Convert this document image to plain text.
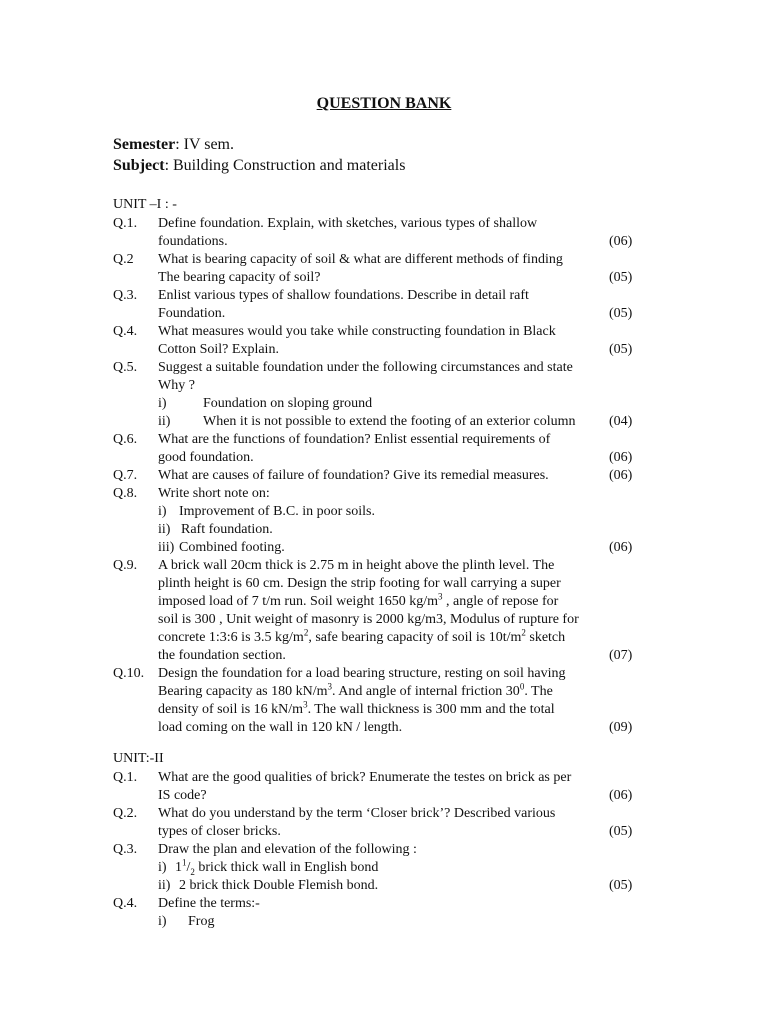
QUESTION BANK
Semester: IV sem.
Subject: Building Construction and materials
UNIT –I : -
Q.1. Define foundation. Explain, with sketches, various types of shallow
foundations.	(06)
Q.2 What is bearing capacity of soil & what are different methods of finding
The bearing capacity of soil?	(05)
Q.3. Enlist various types of shallow foundations. Describe in detail raft
Foundation.	(05)
Q.4. What measures would you take while constructing foundation in Black
Cotton Soil? Explain.	(05)
Q.5. Suggest a suitable foundation under the following circumstances and state
Why ?
i)	Foundation on sloping ground
ii) When it is not possible to extend the footing of an exterior column (04)
Q.6. What are the functions of foundation? Enlist essential requirements of
good foundation.	(06)
Q.7. What are causes of failure of foundation? Give its remedial measures.	(06)
Q.8. Write short note on:
i) Improvement of B.C. in poor soils.
ii) Raft foundation.
iii) Combined footing.	(06)
Q.9. A brick wall 20cm thick is 2.75 m in height above the plinth level. The
plinth height is 60 cm. Design the strip footing for wall carrying a super
imposed load of 7 t/m run. Soil weight 1650 $kg/m^3$ , angle of repose for
soil is 300 , Unit weight of masonry is 2000 kg/m3, Modulus of rupture for
concrete 1:3:6 is 3.5 $kg/m^2$, safe bearing capacity of soil is $10t/m^2$ sketch
the foundation section.	(07)
Q.10. Design the foundation for a load bearing structure, resting on soil having
Bearing capacity as 180 $kN/m^3$. And angle of internal friction $30^0$. The
density of soil is 16 $kN/m^3$. The wall thickness is 300 mm and the total
load coming on the wall in 120 kN / length.	(09)
UNIT:-II
Q.1. What are the good qualities of brick? Enumerate the testes on brick as per
IS code?	(06)
Q.2. What do you understand by the term ‘Closer brick’? Described various
types of closer bricks.	(05)
Q.3. Draw the plan and elevation of the following :
i) $1^1/_2$ brick thick wall in English bond
ii) 2 brick thick Double Flemish bond.	(05)
Q.4. Define the terms:-
i) Frog
